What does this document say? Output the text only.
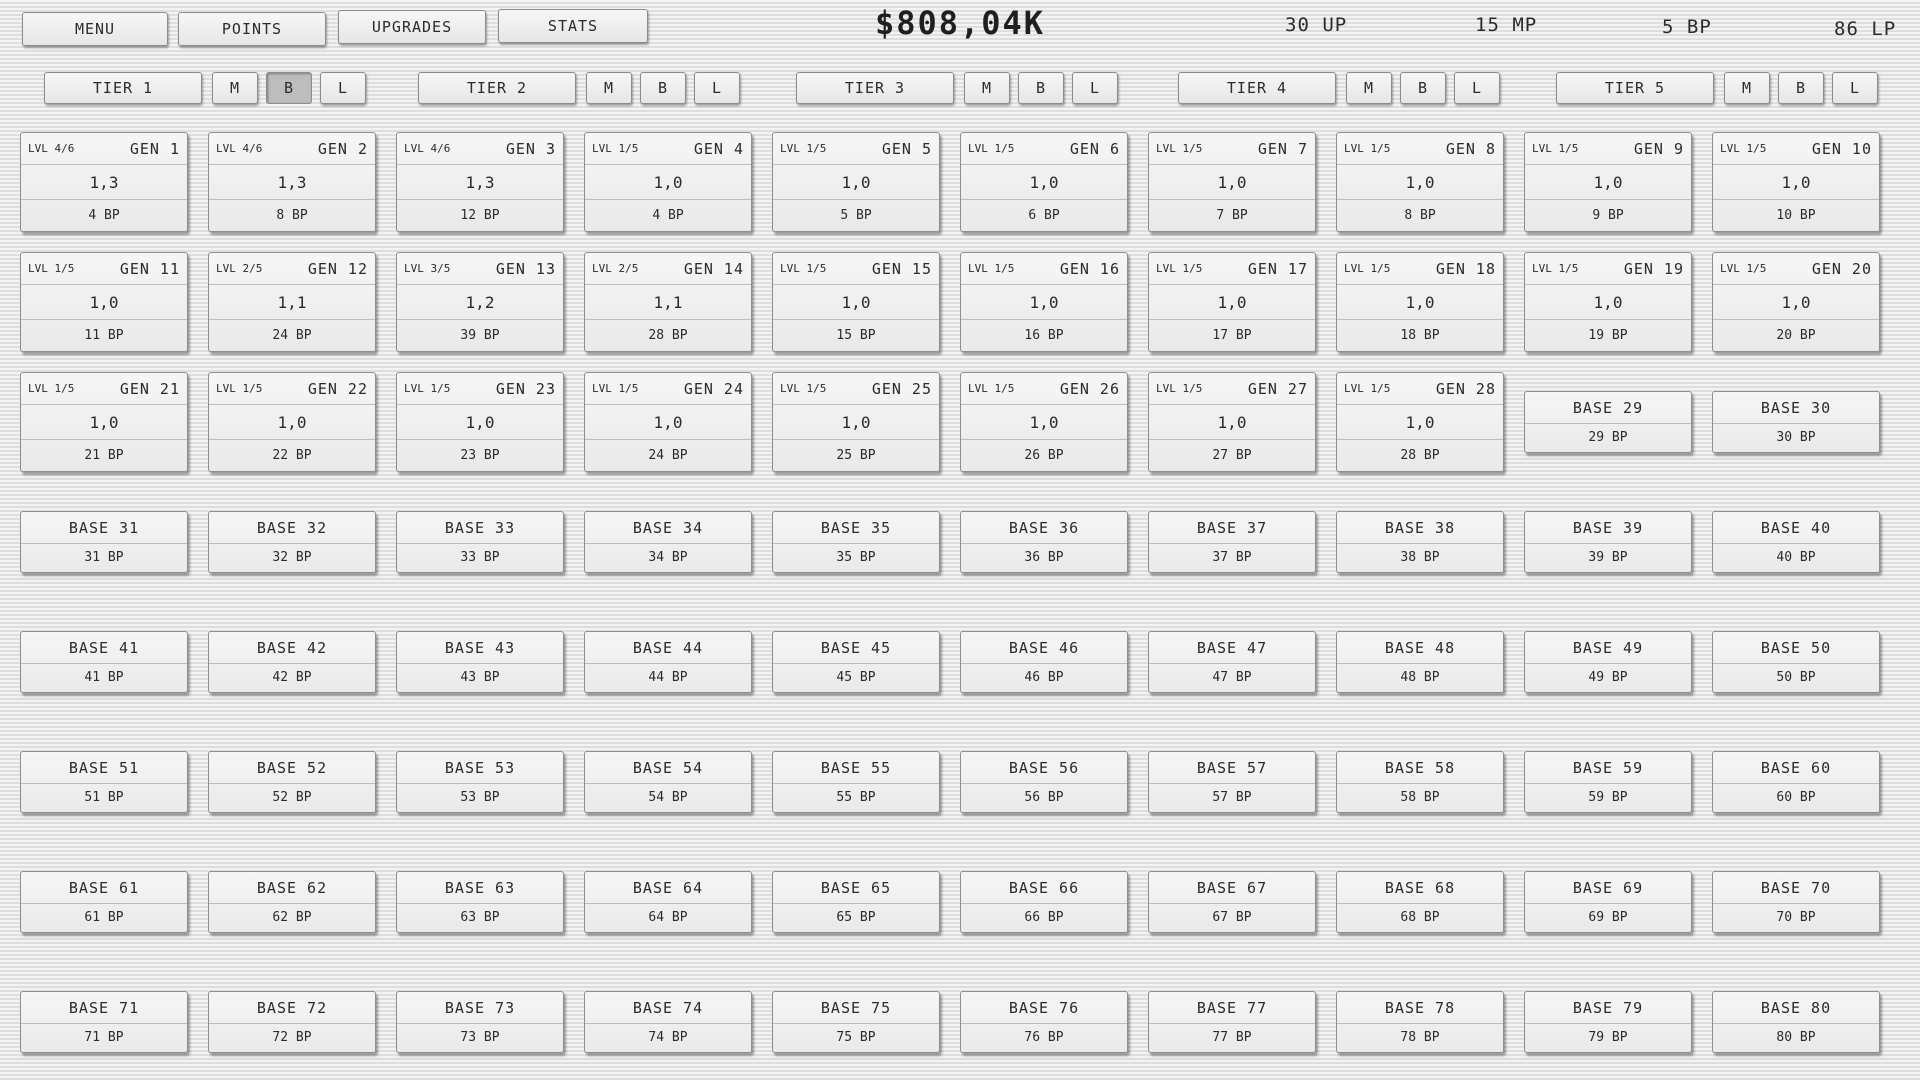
MENU	POINTS	UPGRADES	STATS	$808,04K	30 UP	15 MP	5 BP	86 LP
TIER 1	M	B	L	TIER 2	M	B	L	TIER 3	M	B	L	TIER 4	M	B	L	TIER 5	M	B	L
LVL 4/6	GEN 1
1,3
4 BP
LVL 4/6	GEN 2
1,3
8 BP
LVL 4/6	GEN 3
1,3
12 BP
LVL 1/5	GEN 4
1,0
4 BP
LVL 1/5	GEN 5
1,0
5 BP
LVL 1/5	GEN 6
1,0
6 BP
LVL 1/5	GEN 7
1,0
7 BP
LVL 1/5	GEN 8
1,0
8 BP
LVL 1/5	GEN 9
1,0
9 BP
LVL 1/5	GEN 10
1,0
10 BP
LVL 1/5	GEN 11
1,0
11 BP
LVL 2/5	GEN 12
1,1
24 BP
LVL 3/5	GEN 13
1,2
39 BP
LVL 2/5	GEN 14
1,1
28 BP
LVL 1/5	GEN 15
1,0
15 BP
LVL 1/5	GEN 16
1,0
16 BP
LVL 1/5	GEN 17
1,0
17 BP
LVL 1/5	GEN 18
1,0
18 BP
LVL 1/5	GEN 19
1,0
19 BP
LVL 1/5	GEN 20
1,0
20 BP
LVL 1/5	GEN 21
1,0
21 BP
LVL 1/5	GEN 22
1,0
22 BP
LVL 1/5	GEN 23
1,0
23 BP
LVL 1/5	GEN 24
1,0
24 BP
LVL 1/5	GEN 25
1,0
25 BP
LVL 1/5	GEN 26
1,0
26 BP
LVL 1/5	GEN 27
1,0
27 BP
LVL 1/5	GEN 28
1,0
28 BP
BASE 29
29 BP
BASE 30
30 BP
BASE 31
31 BP
BASE 32
32 BP
BASE 33
33 BP
BASE 34
34 BP
BASE 35
35 BP
BASE 36
36 BP
BASE 37
37 BP
BASE 38
38 BP
BASE 39
39 BP
BASE 40
40 BP
BASE 41
41 BP
BASE 42
42 BP
BASE 43
43 BP
BASE 44
44 BP
BASE 45
45 BP
BASE 46
46 BP
BASE 47
47 BP
BASE 48
48 BP
BASE 49
49 BP
BASE 50
50 BP
BASE 51
51 BP
BASE 52
52 BP
BASE 53
53 BP
BASE 54
54 BP
BASE 55
55 BP
BASE 56
56 BP
BASE 57
57 BP
BASE 58
58 BP
BASE 59
59 BP
BASE 60
60 BP
BASE 61
61 BP
BASE 62
62 BP
BASE 63
63 BP
BASE 64
64 BP
BASE 65
65 BP
BASE 66
66 BP
BASE 67
67 BP
BASE 68
68 BP
BASE 69
69 BP
BASE 70
70 BP
BASE 71
71 BP
BASE 72
72 BP
BASE 73
73 BP
BASE 74
74 BP
BASE 75
75 BP
BASE 76
76 BP
BASE 77
77 BP
BASE 78
78 BP
BASE 79
79 BP
BASE 80
80 BP
